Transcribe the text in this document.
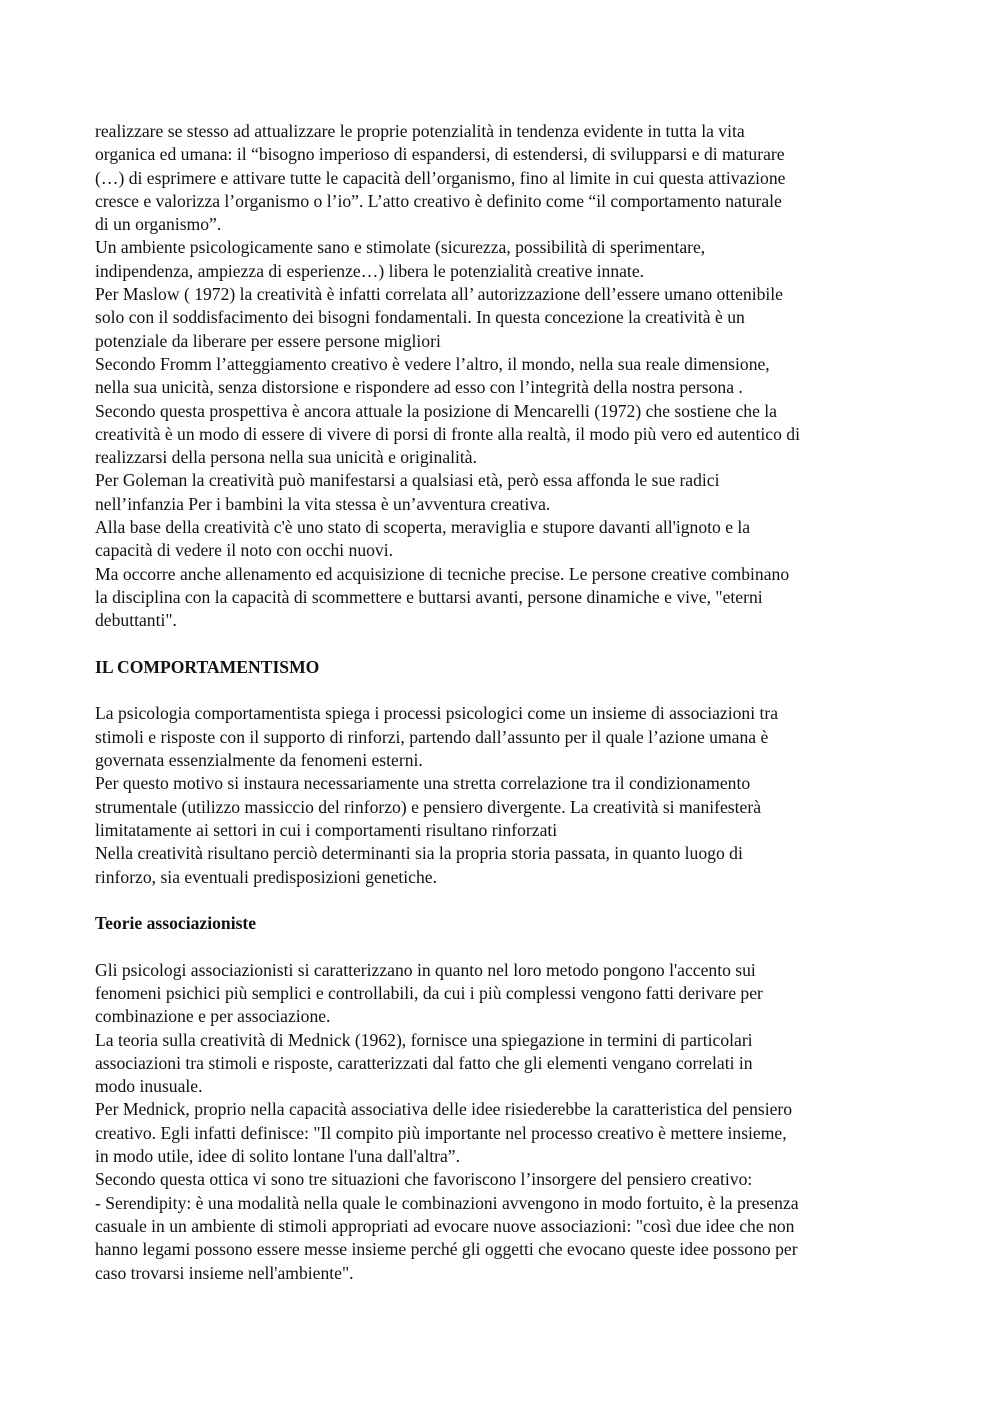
realizzare se stesso ad attualizzare le proprie potenzialità in tendenza evidente in tutta la vita
organica ed umana: il “bisogno imperioso di espandersi, di estendersi, di svilupparsi e di maturare
(…) di esprimere e attivare tutte le capacità dell’organismo, fino al limite in cui questa attivazione
cresce e valorizza l’organismo o l’io”. L’atto creativo è definito come “il comportamento naturale
di un organismo”.
Un ambiente psicologicamente sano e stimolate (sicurezza, possibilità di sperimentare,
indipendenza, ampiezza di esperienze…) libera le potenzialità creative innate.
Per Maslow ( 1972) la creatività è infatti correlata all’ autorizzazione dell’essere umano ottenibile
solo con il soddisfacimento dei bisogni fondamentali. In questa concezione la creatività è un
potenziale da liberare per essere persone migliori
Secondo Fromm l’atteggiamento creativo è vedere l’altro, il mondo, nella sua reale dimensione,
nella sua unicità, senza distorsione e rispondere ad esso con l’integrità della nostra persona .
Secondo questa prospettiva è ancora attuale la posizione di Mencarelli (1972) che sostiene che la
creatività è un modo di essere di vivere di porsi di fronte alla realtà, il modo più vero ed autentico di
realizzarsi della persona nella sua unicità e originalità.
Per Goleman la creatività può manifestarsi a qualsiasi età, però essa affonda le sue radici
nell’infanzia Per i bambini la vita stessa è un’avventura creativa.
Alla base della creatività c'è uno stato di scoperta, meraviglia e stupore davanti all'ignoto e la
capacità di vedere il noto con occhi nuovi.
Ma occorre anche allenamento ed acquisizione di tecniche precise. Le persone creative combinano
la disciplina con la capacità di scommettere e buttarsi avanti, persone dinamiche e vive, "eterni
debuttanti".
IL COMPORTAMENTISMO
La psicologia comportamentista spiega i processi psicologici come un insieme di associazioni tra
stimoli e risposte con il supporto di rinforzi, partendo dall’assunto per il quale l’azione umana è
governata essenzialmente da fenomeni esterni.
Per questo motivo si instaura necessariamente una stretta correlazione tra il condizionamento
strumentale (utilizzo massiccio del rinforzo) e pensiero divergente. La creatività si manifesterà
limitatamente ai settori in cui i comportamenti risultano rinforzati
Nella creatività risultano perciò determinanti sia la propria storia passata, in quanto luogo di
rinforzo, sia eventuali predisposizioni genetiche.
Teorie associazioniste
Gli psicologi associazionisti si caratterizzano in quanto nel loro metodo pongono l'accento sui
fenomeni psichici più semplici e controllabili, da cui i più complessi vengono fatti derivare per
combinazione e per associazione.
La teoria sulla creatività di Mednick (1962), fornisce una spiegazione in termini di particolari
associazioni tra stimoli e risposte, caratterizzati dal fatto che gli elementi vengano correlati in
modo inusuale.
Per Mednick, proprio nella capacità associativa delle idee risiederebbe la caratteristica del pensiero
creativo. Egli infatti definisce: "Il compito più importante nel processo creativo è mettere insieme,
in modo utile, idee di solito lontane l'una dall'altra”.
Secondo questa ottica vi sono tre situazioni che favoriscono l’insorgere del pensiero creativo:
- Serendipity: è una modalità nella quale le combinazioni avvengono in modo fortuito, è la presenza
casuale in un ambiente di stimoli appropriati ad evocare nuove associazioni: "così due idee che non
hanno legami possono essere messe insieme perché gli oggetti che evocano queste idee possono per
caso trovarsi insieme nell'ambiente".
